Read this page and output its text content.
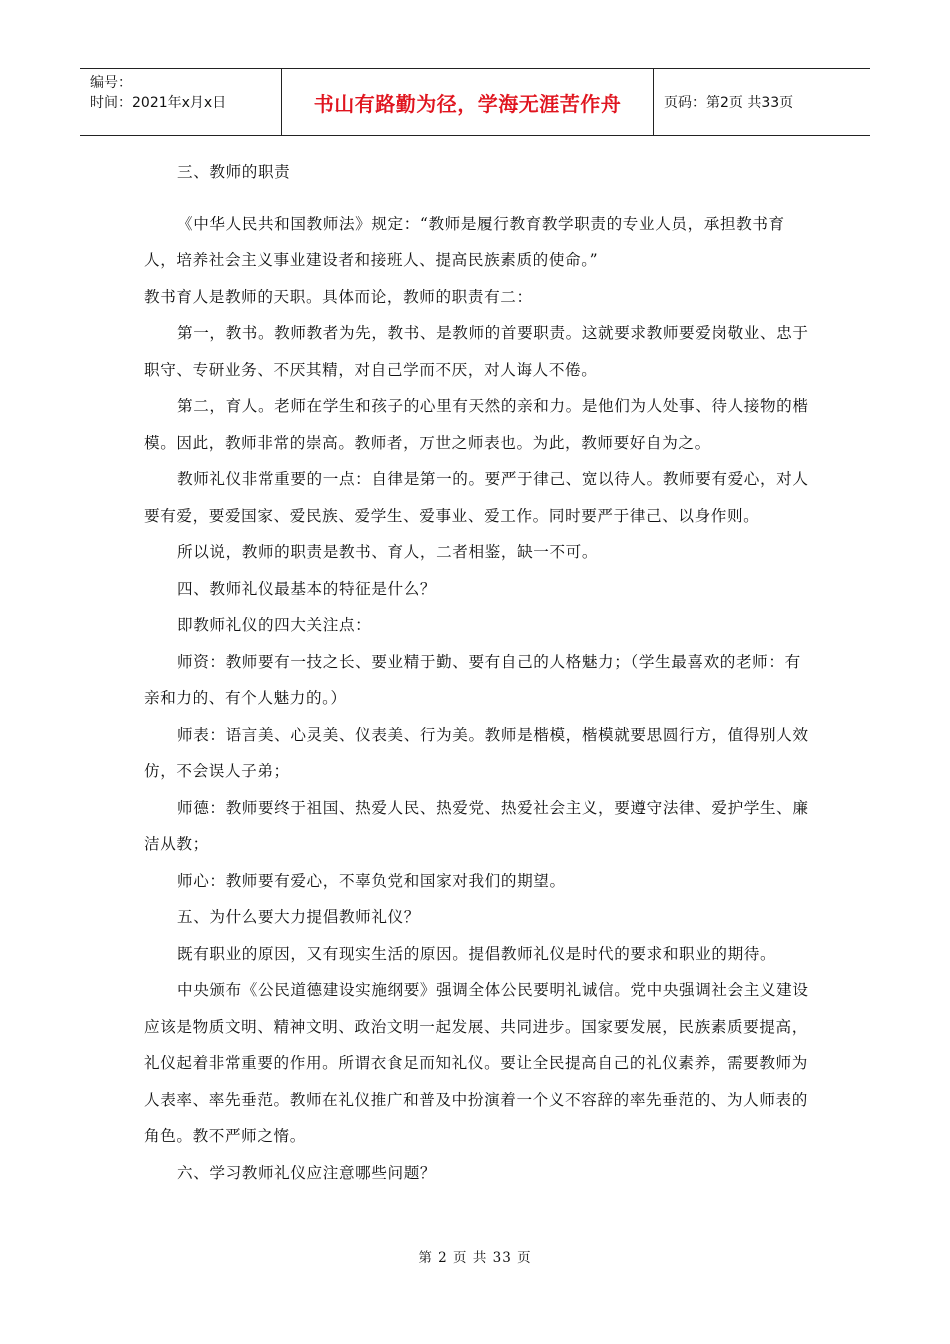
编号：
时间：2021年x月x日	书山有路勤为径，学海无涯苦作舟	页码：第2页 共33页

三、教师的职责

《中华人民共和国教师法》规定：“教师是履行教育教学职责的专业人员，承担教书育人，培养社会主义事业建设者和接班人、提高民族素质的使命。”

教书育人是教师的天职。具体而论，教师的职责有二：

第一，教书。教师教者为先，教书、是教师的首要职责。这就要求教师要爱岗敬业、忠于职守、专研业务、不厌其精，对自己学而不厌，对人诲人不倦。

第二，育人。老师在学生和孩子的心里有天然的亲和力。是他们为人处事、待人接物的楷模。因此，教师非常的崇高。教师者，万世之师表也。为此，教师要好自为之。

教师礼仪非常重要的一点：自律是第一的。要严于律己、宽以待人。教师要有爱心，对人要有爱，要爱国家、爱民族、爱学生、爱事业、爱工作。同时要严于律己、以身作则。

所以说，教师的职责是教书、育人，二者相鉴，缺一不可。

四、教师礼仪最基本的特征是什么？

即教师礼仪的四大关注点：

师资：教师要有一技之长、要业精于勤、要有自己的人格魅力；（学生最喜欢的老师：有亲和力的、有个人魅力的。）

师表：语言美、心灵美、仪表美、行为美。教师是楷模，楷模就要思圆行方，值得别人效仿，不会误人子弟；

师德：教师要终于祖国、热爱人民、热爱党、热爱社会主义，要遵守法律、爱护学生、廉洁从教；

师心：教师要有爱心，不辜负党和国家对我们的期望。

五、为什么要大力提倡教师礼仪？

既有职业的原因，又有现实生活的原因。提倡教师礼仪是时代的要求和职业的期待。

中央颁布《公民道德建设实施纲要》强调全体公民要明礼诚信。党中央强调社会主义建设应该是物质文明、精神文明、政治文明一起发展、共同进步。国家要发展，民族素质要提高，礼仪起着非常重要的作用。所谓衣食足而知礼仪。要让全民提高自己的礼仪素养，需要教师为人表率、率先垂范。教师在礼仪推广和普及中扮演着一个义不容辞的率先垂范的、为人师表的角色。教不严师之惰。

六、学习教师礼仪应注意哪些问题？

第 2 页 共 33 页
